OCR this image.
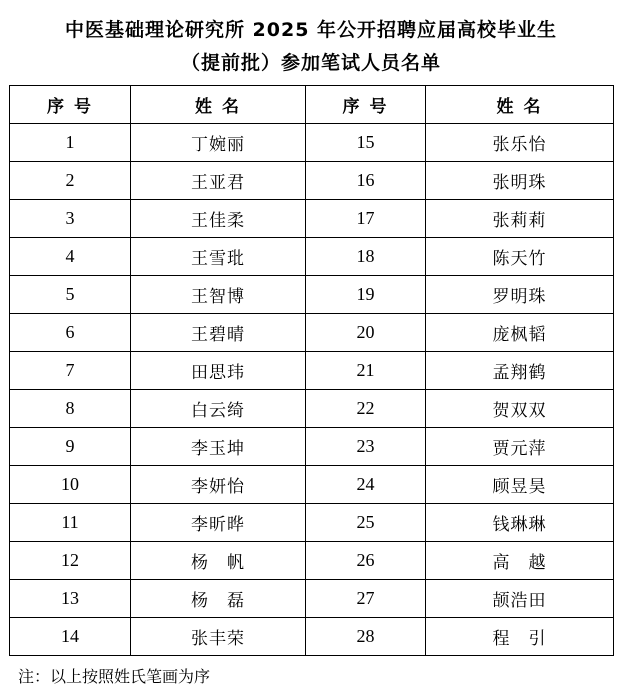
中医基础理论研究所 2025 年公开招聘应届高校毕业生
（提前批）参加笔试人员名单
序 号	姓 名	序 号	姓 名
1	丁婉丽	15	张乐怡
2	王亚君	16	张明珠
3	王佳柔	17	张莉莉
4	王雪玭	18	陈天竹
5	王智博	19	罗明珠
6	王碧晴	20	庞枫韬
7	田思玮	21	孟翔鹤
8	白云绮	22	贺双双
9	李玉坤	23	贾元萍
10	李妍怡	24	顾昱昊
11	李昕晔	25	钱琳琳
12	杨　帆	26	高　越
13	杨　磊	27	颉浩田
14	张丰荣	28	程　引
注：以上按照姓氏笔画为序
